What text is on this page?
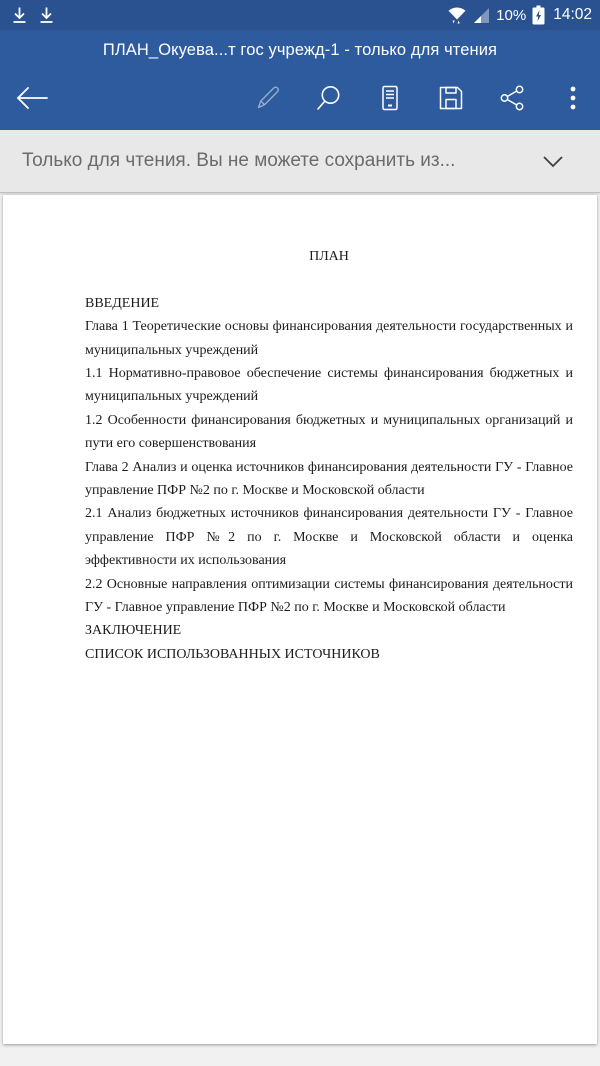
10% 14:02
ПЛАН_Окуева...т гос учрежд-1 - только для чтения
Только для чтения. Вы не можете сохранить из...
ПЛАН

ВВЕДЕНИЕ

Глава 1 Теоретические основы финансирования деятельности государственных и муниципальных учреждений

1.1 Нормативно-правовое обеспечение системы финансирования бюджетных и муниципальных учреждений

1.2 Особенности финансирования бюджетных и муниципальных организаций и пути его совершенствования

Глава 2 Анализ и оценка источников финансирования деятельности ГУ - Главное управление ПФР №2 по г. Москве и Московской области

2.1 Анализ бюджетных источников финансирования деятельности ГУ - Главное управление ПФР №2 по г. Москве и Московской области и оценка эффективности их использования

2.2 Основные направления оптимизации системы финансирования деятельности ГУ - Главное управление ПФР №2 по г. Москве и Московской области

ЗАКЛЮЧЕНИЕ

СПИСОК ИСПОЛЬЗОВАННЫХ ИСТОЧНИКОВ
